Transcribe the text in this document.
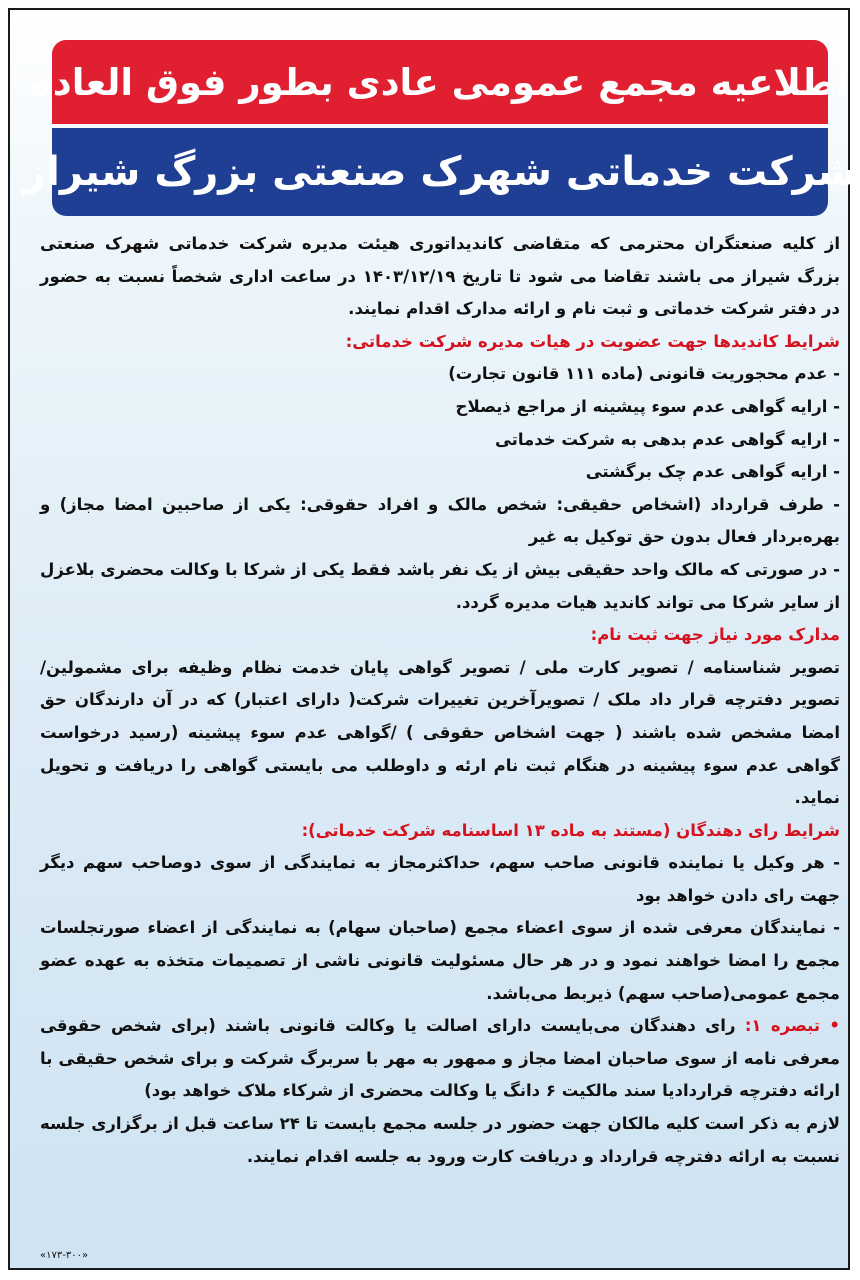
اطلاعیه مجمع عمومی عادی بطور فوق العاده
شرکت خدماتی شهرک صنعتی بزرگ شیراز

از کلیه صنعتگران محترمی که متقاضی کاندیداتوری هیئت مدیره شرکت خدماتی شهرک صنعتی بزرگ شیراز می باشند تقاضا می شود تا تاریخ ۱۴۰۳/۱۲/۱۹ در ساعت اداری شخصاً نسبت به حضور در دفتر شرکت خدماتی و ثبت نام و ارائه مدارک اقدام نمایند.

شرایط کاندیدها جهت عضویت در هیات مدیره شرکت خدماتی:

- عدم محجوریت قانونی (ماده ۱۱۱ قانون تجارت)

- ارایه گواهی عدم سوء پیشینه از مراجع ذیصلاح

- ارایه گواهی عدم بدهی به شرکت خدماتی

- ارایه گواهی عدم چک برگشتی

- طرف قرارداد (اشخاص حقیقی: شخص مالک و افراد حقوقی: یکی از صاحبین امضا مجاز) و بهره‌بردار فعال بدون حق توکیل به غیر

- در صورتی که مالک واحد حقیقی بیش از یک نفر باشد فقط یکی از شرکا با وکالت محضری بلاعزل از سایر شرکا می تواند کاندید هیات مدیره گردد.

مدارک مورد نیاز جهت ثبت نام:

تصویر شناسنامه / تصویر کارت ملی / تصویر گواهی پایان خدمت نظام وظیفه برای مشمولین/ تصویر دفترچه قرار داد ملک / تصویرآخرین تغییرات شرکت( دارای اعتبار) که در آن دارندگان حق امضا مشخص شده باشند ( جهت اشخاص حقوقی ) /گواهی عدم سوء پیشینه (رسید درخواست گواهی عدم سوء پیشینه در هنگام ثبت نام ارئه و داوطلب می بایستی گواهی را دریافت و تحویل نماید.

شرایط رای دهندگان (مستند به ماده ۱۳ اساسنامه شرکت خدماتی):

- هر وکیل یا نماینده قانونی صاحب سهم، حداکثرمجاز به نمایندگی از سوی دوصاحب سهم دیگر جهت رای دادن خواهد بود

- نمایندگان معرفی شده از سوی اعضاء مجمع (صاحبان سهام) به نمایندگی از اعضاء صورتجلسات مجمع را امضا خواهند نمود و در هر حال مسئولیت قانونی ناشی از تصمیمات متخذه به عهده عضو مجمع عمومی(صاحب سهم) ذیربط می‌باشد.

• تبصره ۱: رای دهندگان می‌بایست دارای اصالت یا وکالت قانونی باشند (برای شخص حقوقی معرفی نامه از سوی صاحبان امضا مجاز و ممهور به مهر با سربرگ شرکت و برای شخص حقیقی با ارائه دفترچه قراردادیا سند مالکیت ۶ دانگ یا وکالت محضری از شرکاء ملاک خواهد بود)

لازم به ذکر است کلیه مالکان جهت حضور در جلسه مجمع بایست تا ۲۴ ساعت قبل از برگزاری جلسه نسبت به ارائه دفترچه قرارداد و دریافت کارت ورود به جلسه اقدام نمایند.

«۱۷۳-۳۰۰»
